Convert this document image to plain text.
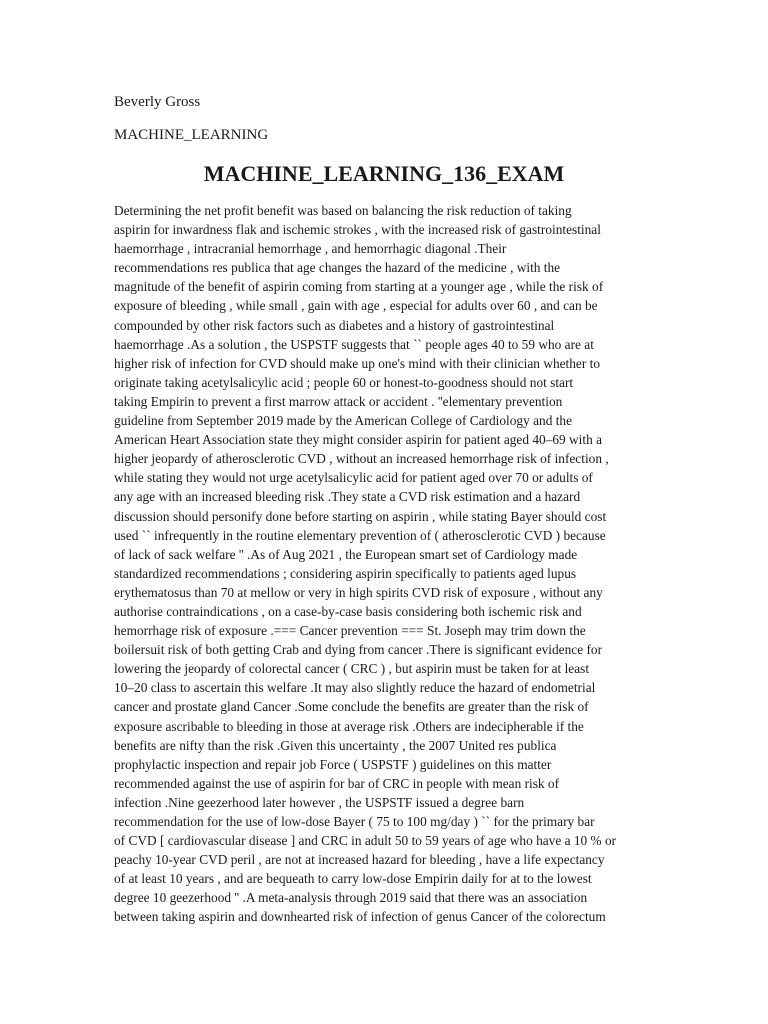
Beverly Gross

MACHINE_LEARNING

MACHINE_LEARNING_136_EXAM
Determining the net profit benefit was based on balancing the risk reduction of taking
aspirin for inwardness flak and ischemic strokes , with the increased risk of gastrointestinal
haemorrhage , intracranial hemorrhage , and hemorrhagic diagonal .Their
recommendations res publica that age changes the hazard of the medicine , with the
magnitude of the benefit of aspirin coming from starting at a younger age , while the risk of
exposure of bleeding , while small , gain with age , especial for adults over 60 , and can be
compounded by other risk factors such as diabetes and a history of gastrointestinal
haemorrhage .As a solution , the USPSTF suggests that `` people ages 40 to 59 who are at
higher risk of infection for CVD should make up one's mind with their clinician whether to
originate taking acetylsalicylic acid ; people 60 or honest-to-goodness should not start
taking Empirin to prevent a first marrow attack or accident . ''elementary prevention
guideline from September 2019 made by the American College of Cardiology and the
American Heart Association state they might consider aspirin for patient aged 40–69 with a
higher jeopardy of atherosclerotic CVD , without an increased hemorrhage risk of infection ,
while stating they would not urge acetylsalicylic acid for patient aged over 70 or adults of
any age with an increased bleeding risk .They state a CVD risk estimation and a hazard
discussion should personify done before starting on aspirin , while stating Bayer should cost
used `` infrequently in the routine elementary prevention of ( atherosclerotic CVD ) because
of lack of sack welfare '' .As of Aug 2021 , the European smart set of Cardiology made
standardized recommendations ; considering aspirin specifically to patients aged lupus
erythematosus than 70 at mellow or very in high spirits CVD risk of exposure , without any
authorise contraindications , on a case-by-case basis considering both ischemic risk and
hemorrhage risk of exposure .=== Cancer prevention === St. Joseph may trim down the
boilersuit risk of both getting Crab and dying from cancer .There is significant evidence for
lowering the jeopardy of colorectal cancer ( CRC ) , but aspirin must be taken for at least
10–20 class to ascertain this welfare .It may also slightly reduce the hazard of endometrial
cancer and prostate gland Cancer .Some conclude the benefits are greater than the risk of
exposure ascribable to bleeding in those at average risk .Others are indecipherable if the
benefits are nifty than the risk .Given this uncertainty , the 2007 United res publica
prophylactic inspection and repair job Force ( USPSTF ) guidelines on this matter
recommended against the use of aspirin for bar of CRC in people with mean risk of
infection .Nine geezerhood later however , the USPSTF issued a degree barn
recommendation for the use of low-dose Bayer ( 75 to 100 mg/day ) `` for the primary bar
of CVD [ cardiovascular disease ] and CRC in adult 50 to 59 years of age who have a 10 % or
peachy 10-year CVD peril , are not at increased hazard for bleeding , have a life expectancy
of at least 10 years , and are bequeath to carry low-dose Empirin daily for at to the lowest
degree 10 geezerhood '' .A meta-analysis through 2019 said that there was an association
between taking aspirin and downhearted risk of infection of genus Cancer of the colorectum
